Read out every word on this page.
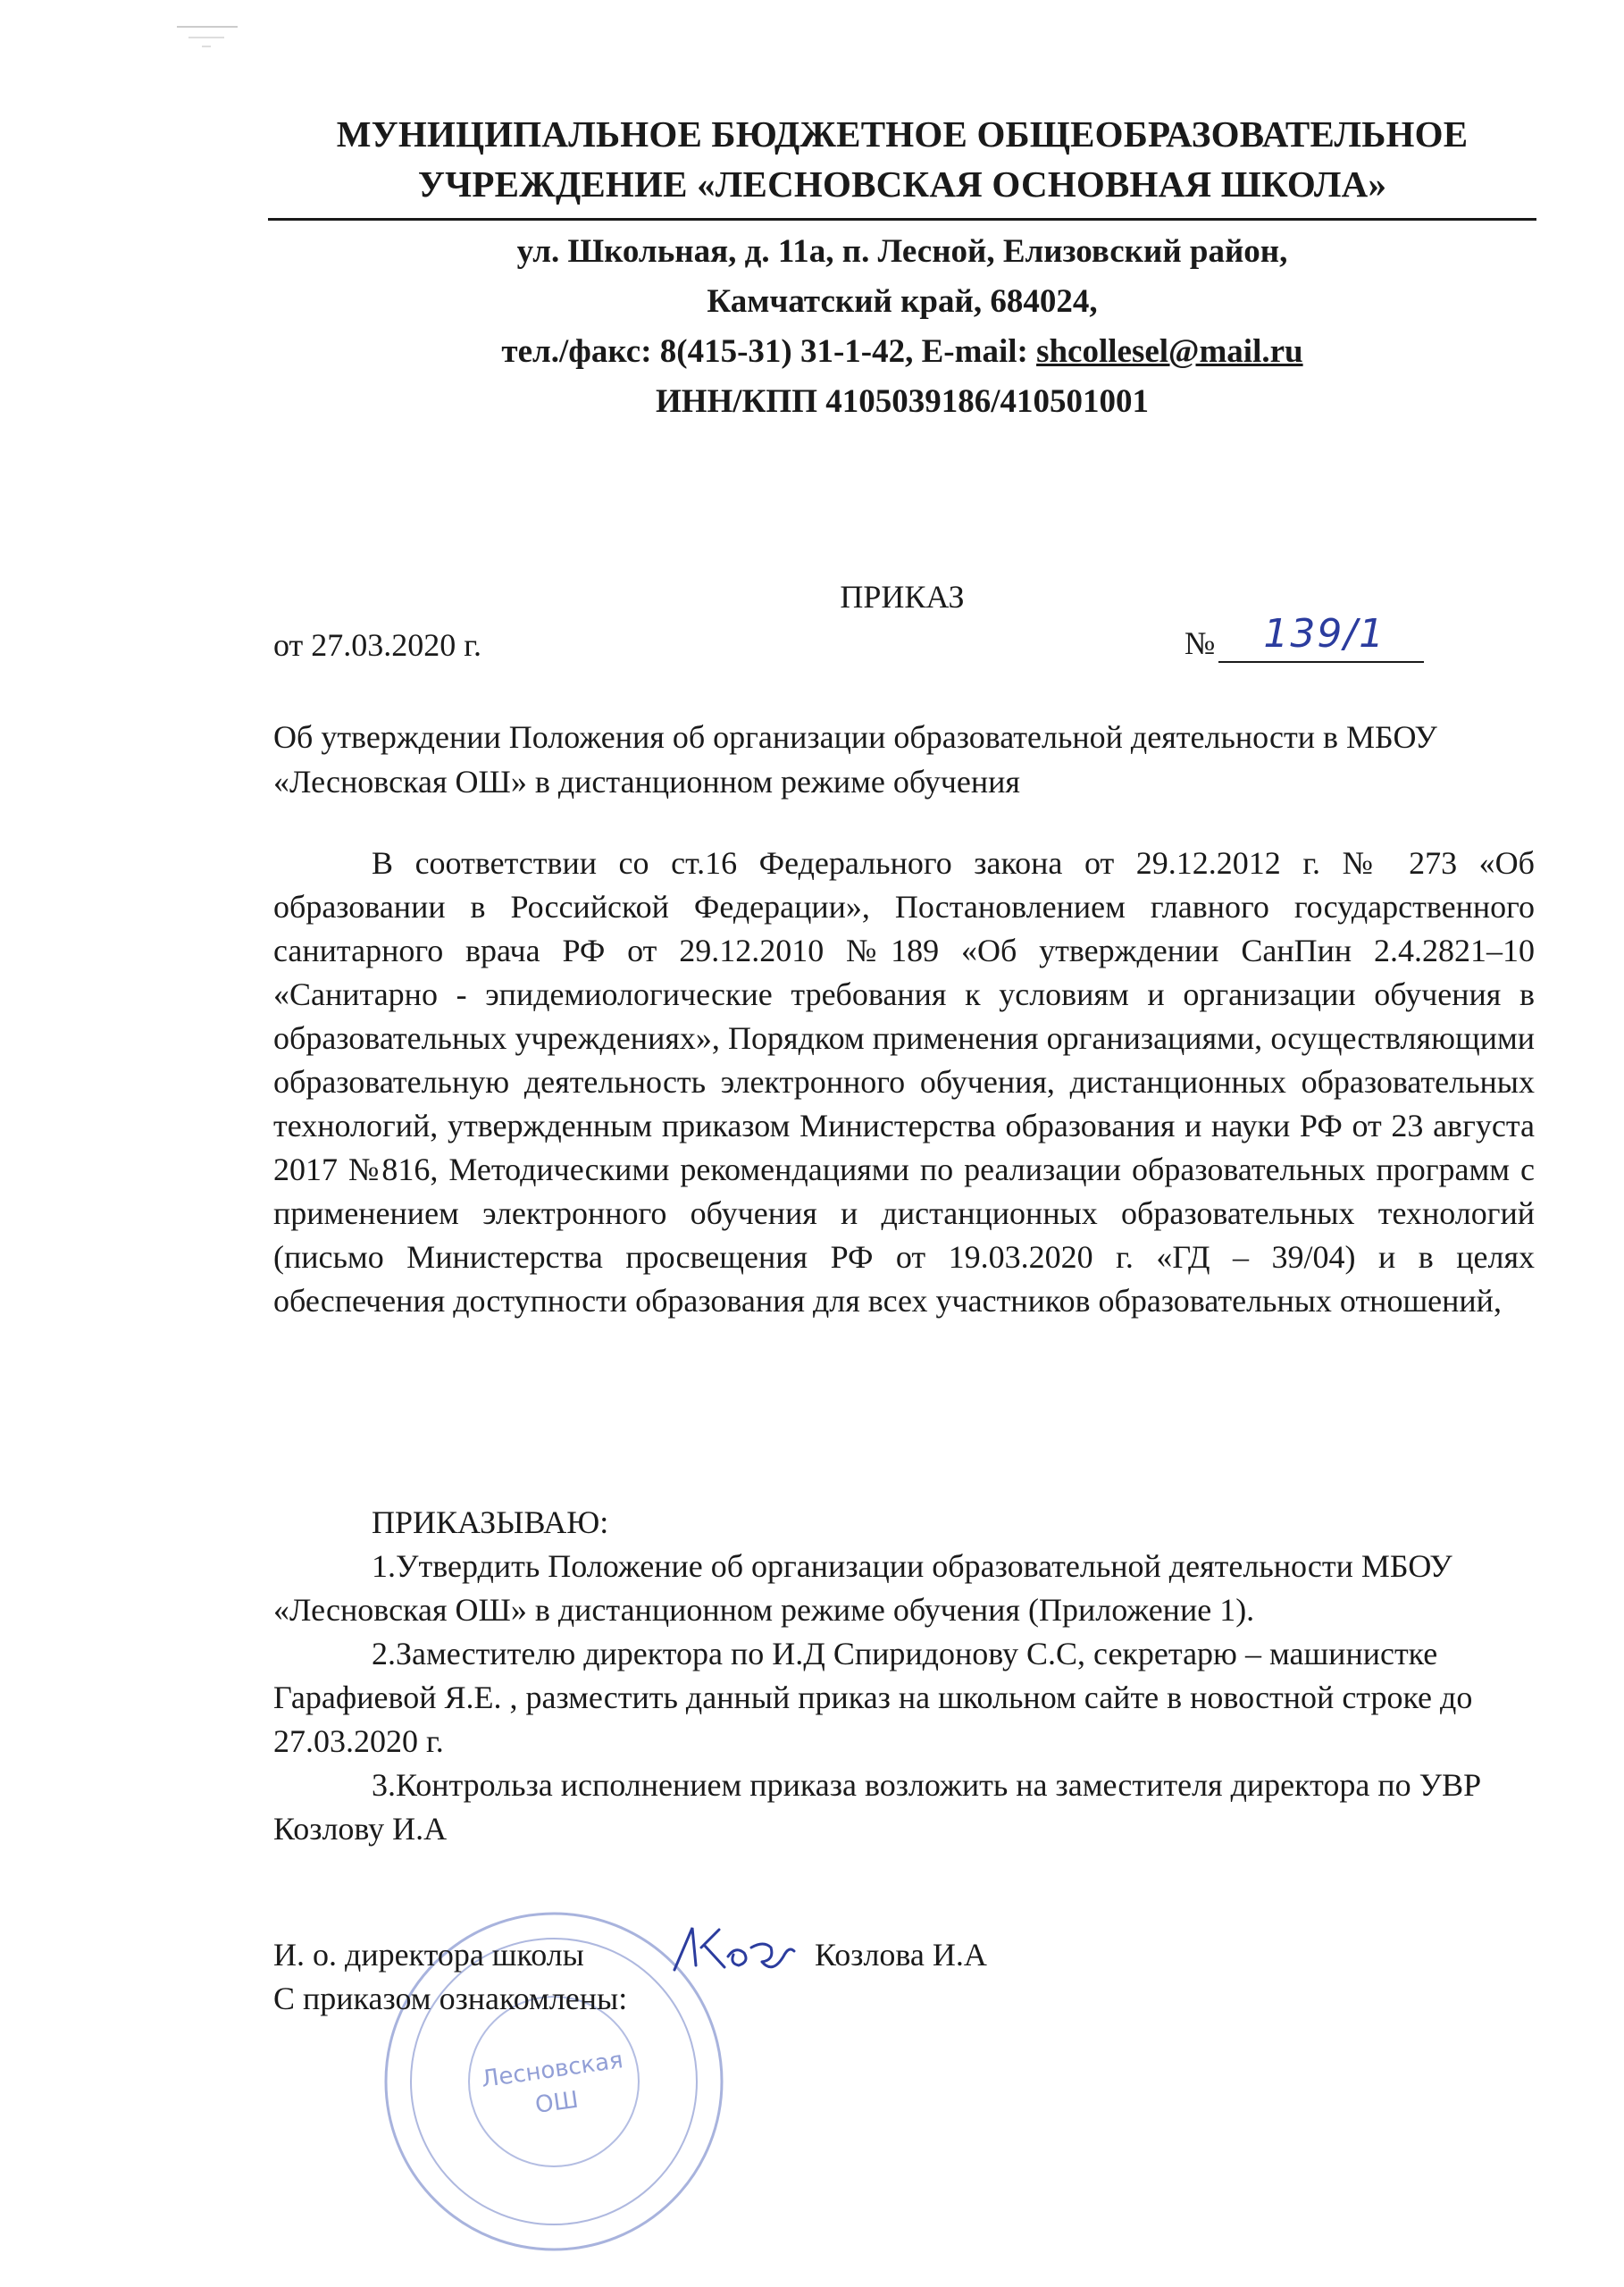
МУНИЦИПАЛЬНОЕ БЮДЖЕТНОЕ ОБЩЕОБРАЗОВАТЕЛЬНОЕ
УЧРЕЖДЕНИЕ «ЛЕСНОВСКАЯ ОСНОВНАЯ ШКОЛА»
ул. Школьная, д. 11а, п. Лесной, Елизовский район,
Камчатский край, 684024,
тел./факс: 8(415-31) 31-1-42, E-mail: shcollesel@mail.ru
ИНН/КПП 4105039186/410501001
ПРИКАЗ
от 27.03.2020 г.	№ 139/1
Об утверждении Положения об организации образовательной деятельности в МБОУ «Лесновская ОШ» в дистанционном режиме обучения
В соответствии со ст.16 Федерального закона от 29.12.2012 г. № 273 «Об образовании в Российской Федерации», Постановлением главного государственного санитарного врача РФ от 29.12.2010 №189 «Об утверждении СанПин 2.4.2821–10 «Санитарно - эпидемиологические требования к условиям и организации обучения в образовательных учреждениях», Порядком применения организациями, осуществляющими образовательную деятельность электронного обучения, дистанционных образовательных технологий, утвержденным приказом Министерства образования и науки РФ от 23 августа 2017 №816, Методическими рекомендациями по реализации образовательных программ с применением электронного обучения и дистанционных образовательных технологий (письмо Министерства просвещения РФ от 19.03.2020 г. «ГД – 39/04) и в целях обеспечения доступности образования для всех участников образовательных отношений,

ПРИКАЗЫВАЮ:

1.Утвердить Положение об организации образовательной деятельности МБОУ «Лесновская ОШ» в дистанционном режиме обучения (Приложение 1).

2.Заместителю директора по И.Д Спиридонову С.С, секретарю – машинистке Гарафиевой Я.Е. , разместить данный приказ на школьном сайте в новостной строке до 27.03.2020 г.

3.Контрольза исполнением приказа возложить на заместителя директора по УВР Козлову И.А

Лесновская
ОШ
И. о. директора школы	Козлова И.А
С приказом ознакомлены:
